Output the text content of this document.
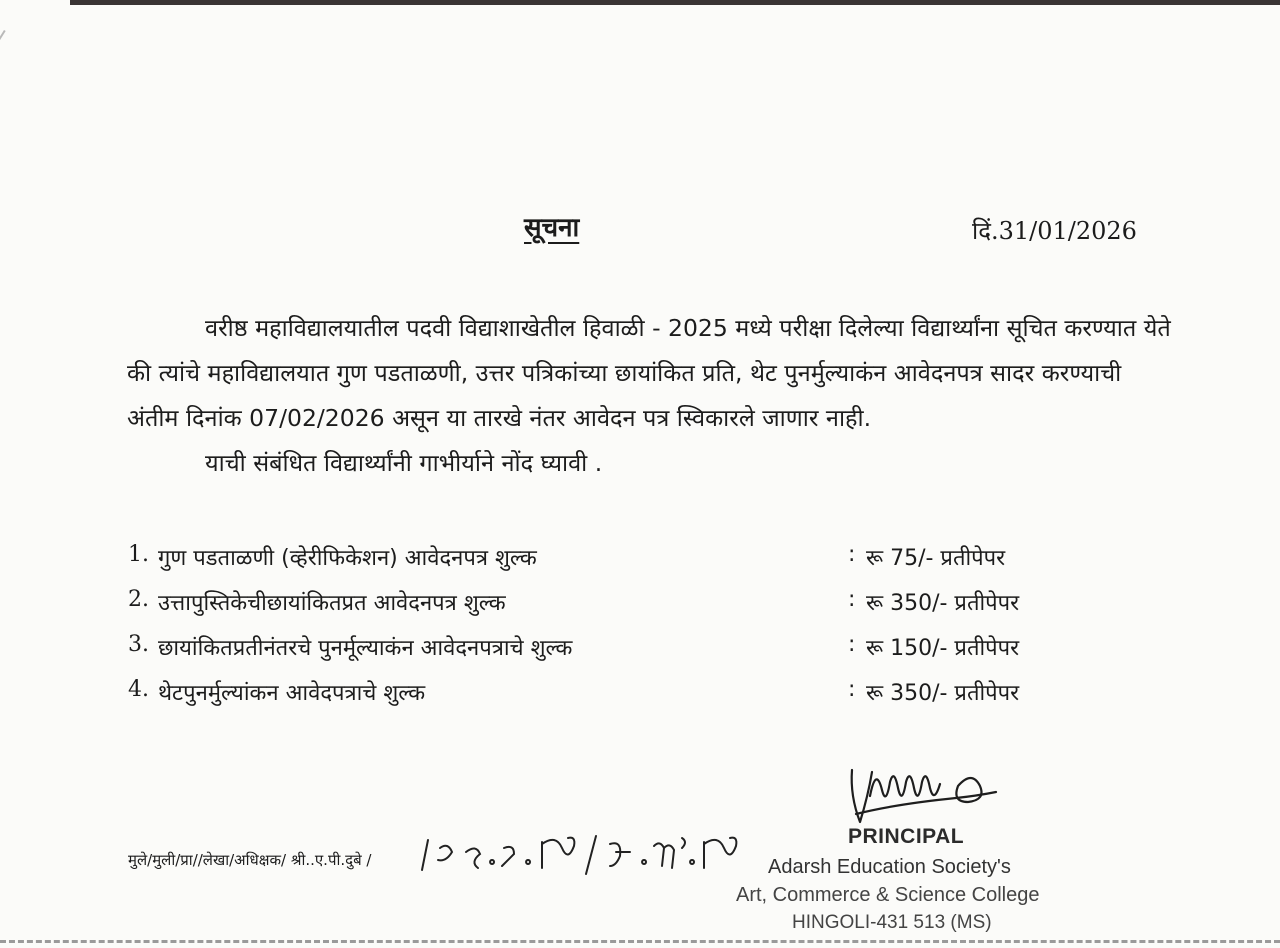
सूचना	दिं.31/01/2026

वरीष्ठ महाविद्यालयातील पदवी विद्याशाखेतील हिवाळी - 2025 मध्ये परीक्षा दिलेल्या विद्यार्थ्यांना सूचित करण्यात येते की त्यांचे महाविद्यालयात गुण पडताळणी, उत्तर पत्रिकांच्या छायांकित प्रति, थेट पुनर्मुल्याकंन आवेदनपत्र सादर करण्याची अंतीम दिनांक 07/02/2026 असून या तारखे नंतर आवेदन पत्र स्विकारले जाणार नाही.

याची संबंधित विद्यार्थ्यांनी गाभीर्याने नोंद घ्यावी .

1. गुण पडताळणी (व्हेरीफिकेशन) आवेदनपत्र शुल्क	: रू 75/- प्रतीपेपर
2. उत्तापुस्तिकेचीछायांकितप्रत आवेदनपत्र शुल्क	: रू 350/- प्रतीपेपर
3. छायांकितप्रतीनंतरचे पुनर्मूल्याकंन आवेदनपत्राचे शुल्क	: रू 150/- प्रतीपेपर
4. थेटपुनर्मुल्यांकन आवेदपत्राचे शुल्क	: रू 350/- प्रतीपेपर
मुले/मुली/प्रा//लेखा/अधिक्षक/ श्री..ए.पी.दुबे /
PRINCIPAL
Adarsh Education Society's
Art, Commerce & Science College
HINGOLI-431 513 (MS)
